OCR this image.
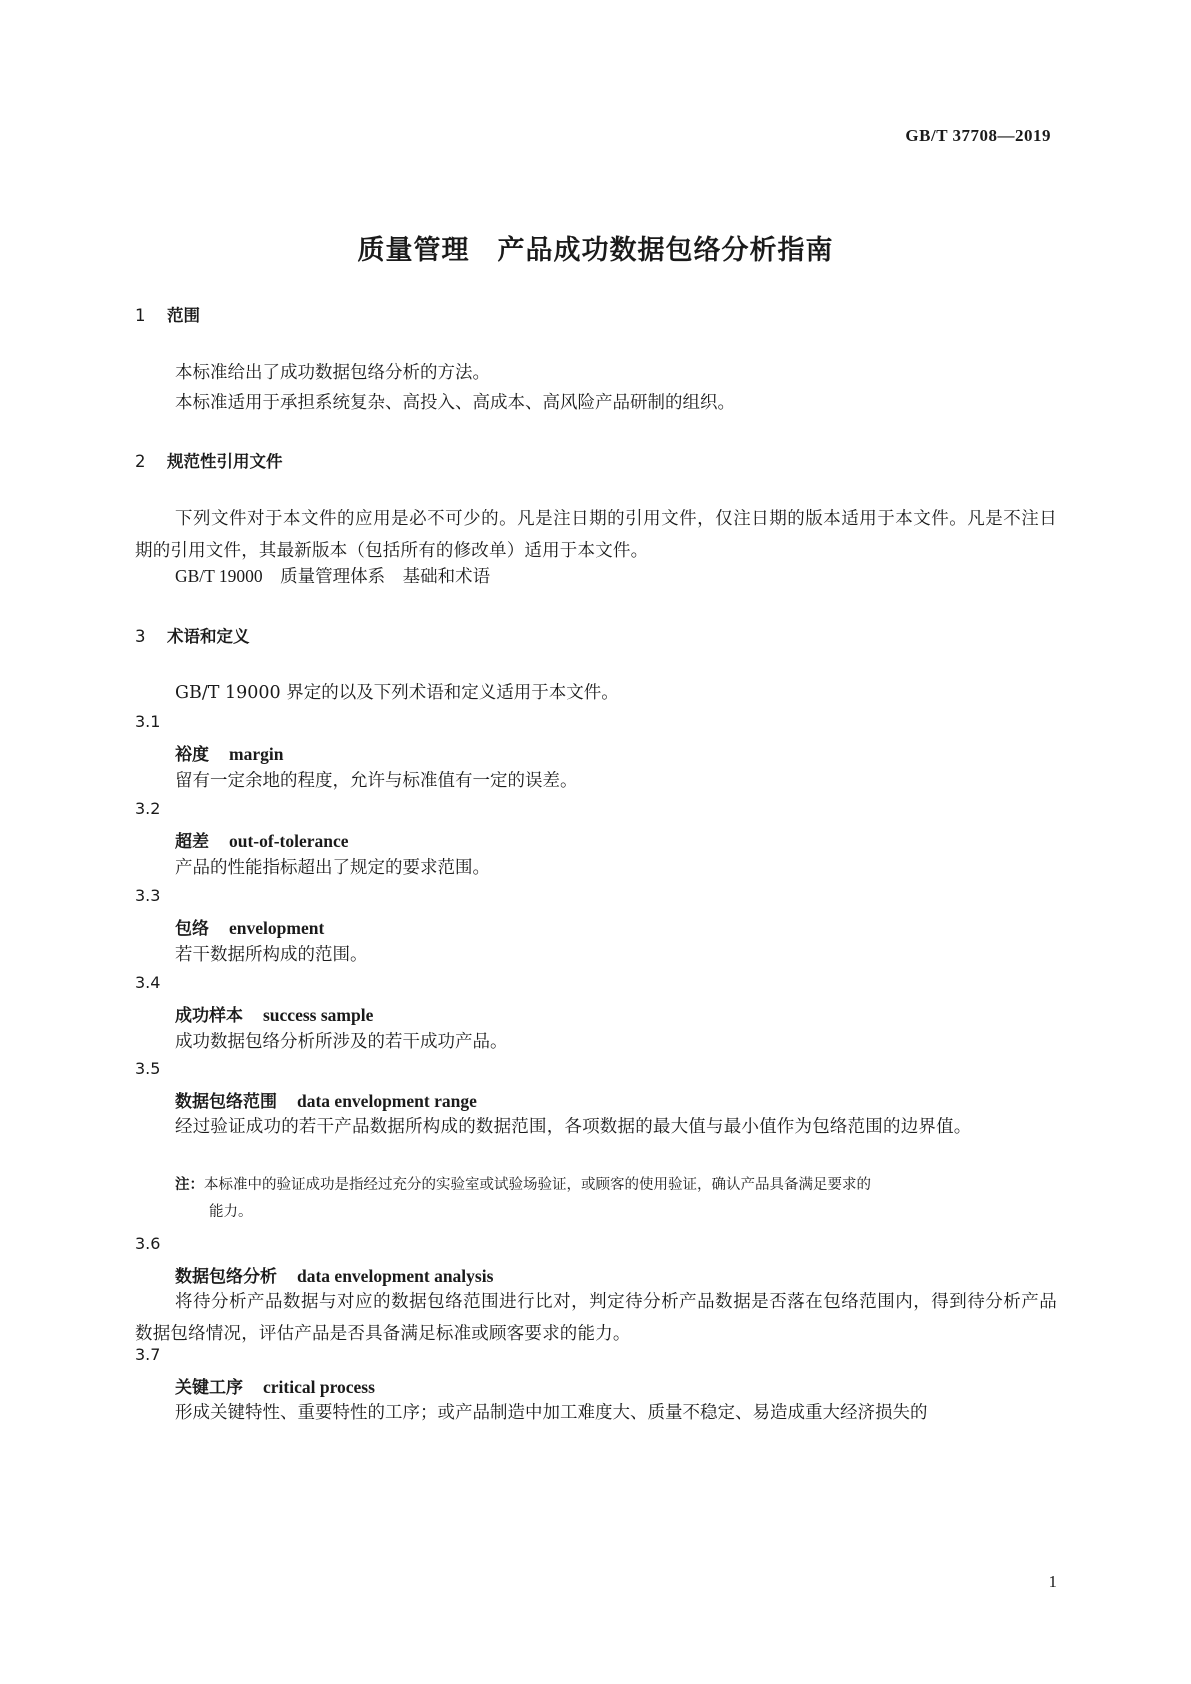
GB/T 37708—2019
质量管理　产品成功数据包络分析指南
1 范围
本标准给出了成功数据包络分析的方法。
本标准适用于承担系统复杂、高投入、高成本、高风险产品研制的组织。
2 规范性引用文件
下列文件对于本文件的应用是必不可少的。凡是注日期的引用文件，仅注日期的版本适用于本文件。凡是不注日期的引用文件，其最新版本（包括所有的修改单）适用于本文件。
GB/T 19000　质量管理体系　基础和术语
3 术语和定义
GB/T 19000 界定的以及下列术语和定义适用于本文件。
3.1
裕度 margin
留有一定余地的程度，允许与标准值有一定的误差。
3.2
超差 out-of-tolerance
产品的性能指标超出了规定的要求范围。
3.3
包络 envelopment
若干数据所构成的范围。
3.4
成功样本 success sample
成功数据包络分析所涉及的若干成功产品。
3.5
数据包络范围 data envelopment range
经过验证成功的若干产品数据所构成的数据范围，各项数据的最大值与最小值作为包络范围的边界值。
注：本标准中的验证成功是指经过充分的实验室或试验场验证，或顾客的使用验证，确认产品具备满足要求的
能力。
3.6
数据包络分析 data envelopment analysis
将待分析产品数据与对应的数据包络范围进行比对，判定待分析产品数据是否落在包络范围内，得到待分析产品数据包络情况，评估产品是否具备满足标准或顾客要求的能力。
3.7
关键工序 critical process
形成关键特性、重要特性的工序；或产品制造中加工难度大、质量不稳定、易造成重大经济损失的
1
